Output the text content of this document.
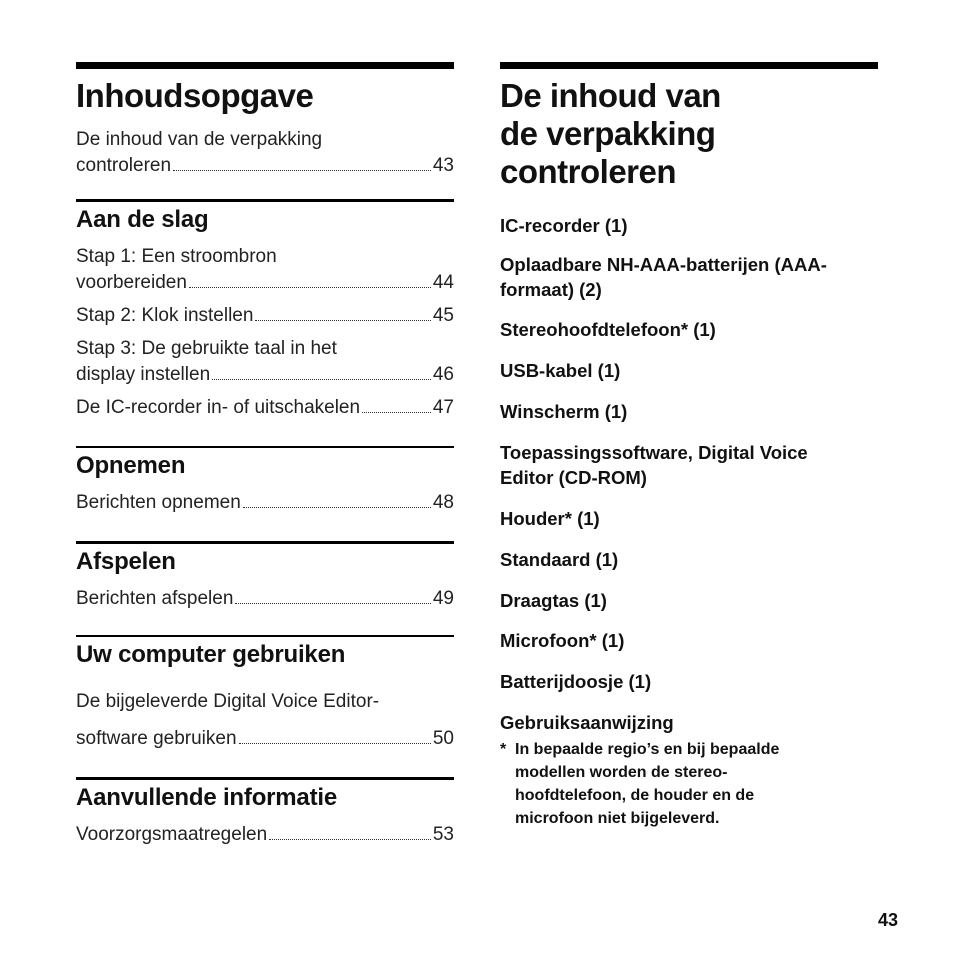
Inhoudsopgave
De inhoud van de verpakking
controleren	43
Aan de slag
Stap 1: Een stroombron
voorbereiden	44
Stap 2: Klok instellen	45
Stap 3: De gebruikte taal in het
display instellen	46
De IC-recorder in- of uitschakelen	47
Opnemen
Berichten opnemen	48
Afspelen
Berichten afspelen	49
Uw computer gebruiken
De bijgeleverde Digital Voice Editor-
software gebruiken	50
Aanvullende informatie
Voorzorgsmaatregelen	53
De inhoud van
de verpakking
controleren
IC-recorder (1)
Oplaadbare NH-AAA-batterijen (AAA-
formaat) (2)
Stereohoofdtelefoon* (1)
USB-kabel (1)
Winscherm (1)
Toepassingssoftware, Digital Voice
Editor (CD-ROM)
Houder* (1)
Standaard (1)
Draagtas (1)
Microfoon* (1)
Batterijdoosje (1)
Gebruiksaanwijzing
* In bepaalde regio’s en bij bepaalde
modellen worden de stereo-
hoofdtelefoon, de houder en de
microfoon niet bijgeleverd.
43
